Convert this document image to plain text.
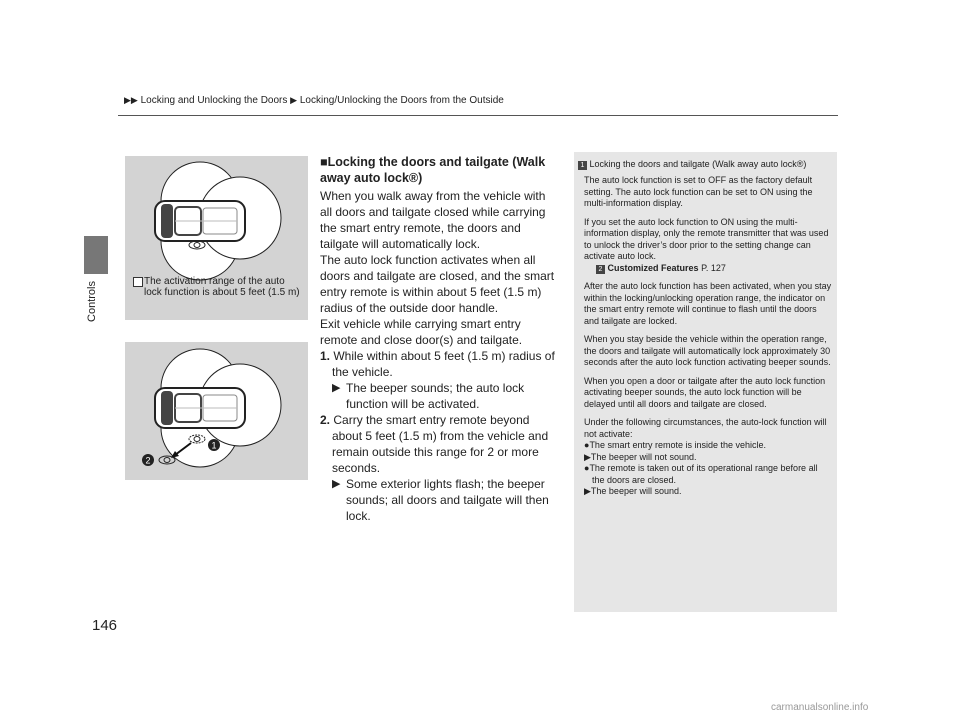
▶▶ Locking and Unlocking the Doors ▶ Locking/Unlocking the Doors from the Outside
Controls	The activation range of the auto lock function is about 5 feet (1.5 m)
1
2
■Locking the doors and tailgate (Walk away auto lock®)

When you walk away from the vehicle with all doors and tailgate closed while carrying the smart entry remote, the doors and tailgate will automatically lock.

The auto lock function activates when all doors and tailgate are closed, and the smart entry remote is within about 5 feet (1.5 m) radius of the outside door handle.

Exit vehicle while carrying smart entry remote and close door(s) and tailgate.

1. While within about 5 feet (1.5 m) radius of the vehicle.

▶ The beeper sounds; the auto lock function will be activated.

2. Carry the smart entry remote beyond about 5 feet (1.5 m) from the vehicle and remain outside this range for 2 or more seconds.

▶ Some exterior lights flash; the beeper sounds; all doors and tailgate will then lock.

1 Locking the doors and tailgate (Walk away auto lock®)

The auto lock function is set to OFF as the factory default setting. The auto lock function can be set to ON using the multi-information display.

If you set the auto lock function to ON using the multi-information display, only the remote transmitter that was used to unlock the driver’s door prior to the setting change can activate auto lock.

2 Customized Features P. 127

After the auto lock function has been activated, when you stay within the locking/unlocking operation range, the indicator on the smart entry remote will continue to flash until the doors and tailgate are locked.

When you stay beside the vehicle within the operation range, the doors and tailgate will automatically lock approximately 30 seconds after the auto lock function activating beeper sounds.

When you open a door or tailgate after the auto lock function activating beeper sounds, the auto lock function will be delayed until all doors and tailgate are closed.

Under the following circumstances, the auto-lock function will not activate:

●The smart entry remote is inside the vehicle.

▶The beeper will not sound.

●The remote is taken out of its operational range before all the doors are closed.

▶The beeper will sound.

146
carmanualsonline.info
